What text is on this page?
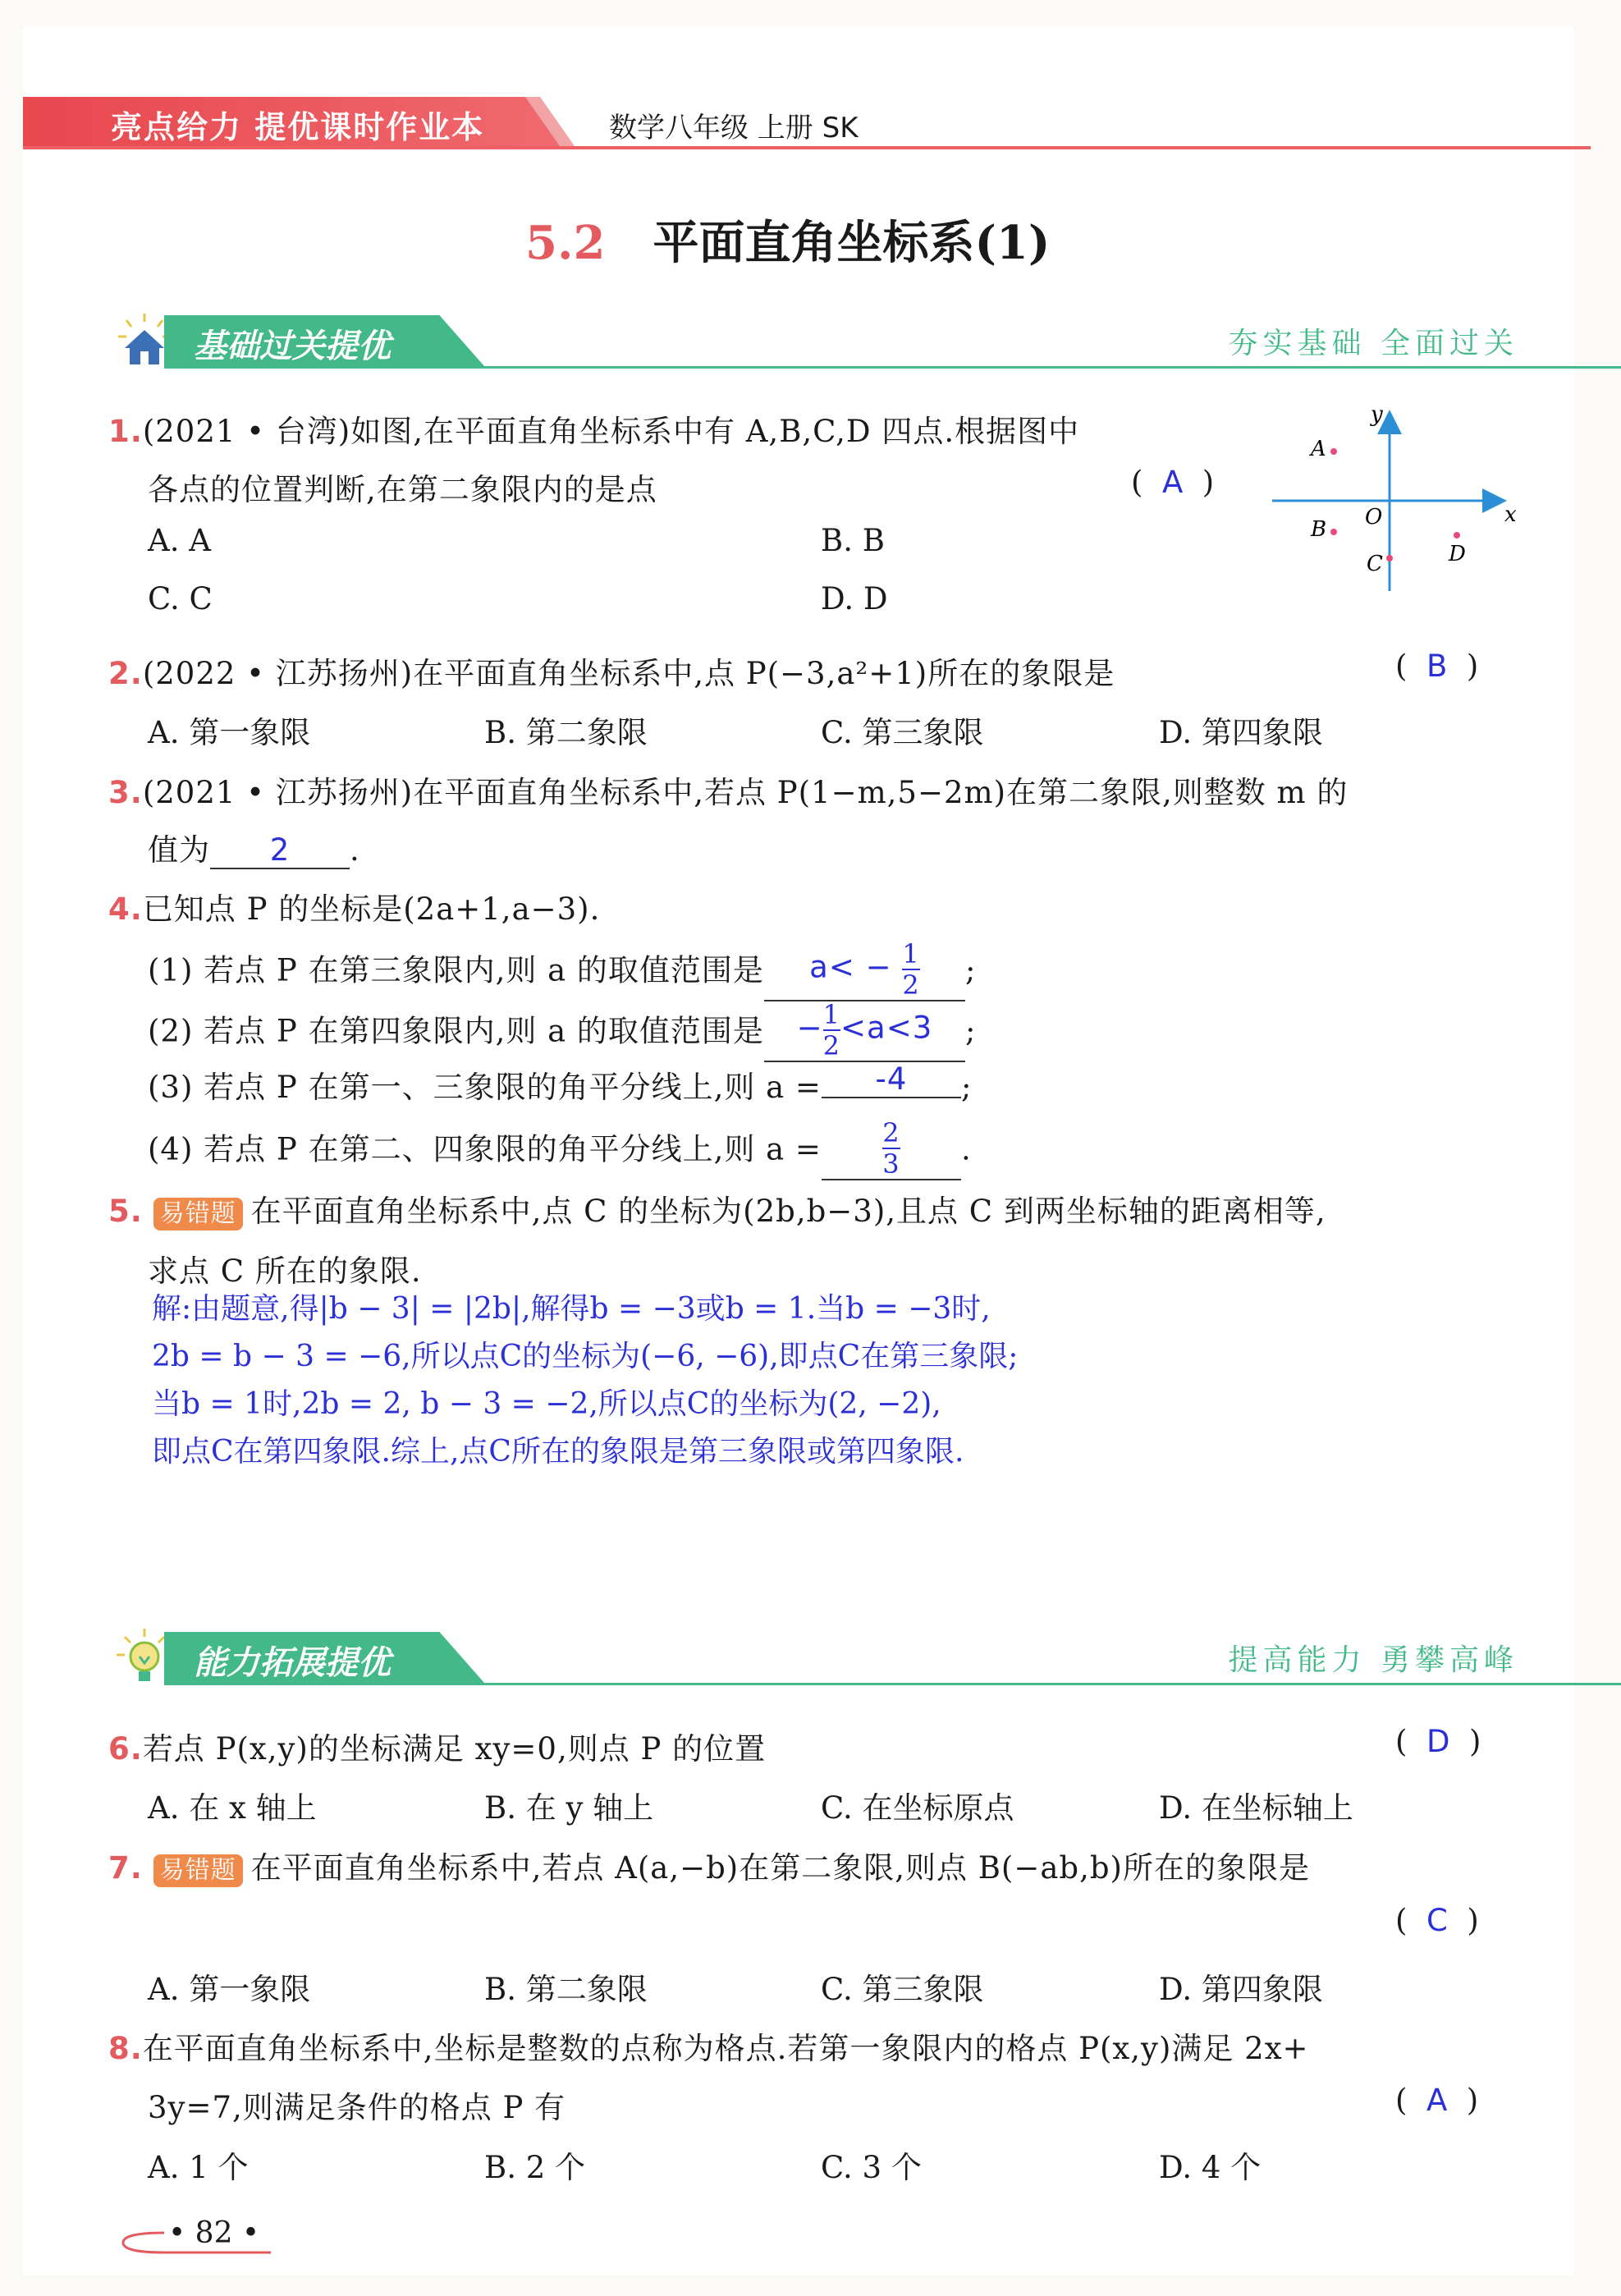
亮点给力 提优课时作业本	数学八年级 上册 SK
5.2 平面直角坐标系(1)
基础过关提优	夯实基础 全面过关
1.(2021 • 台湾)如图,在平面直角坐标系中有 A,B,C,D 四点.根据图中
各点的位置判断,在第二象限内的是点	(  A  )
A. A	B. B
C. C	D. D
x
y
O
A
B
C	D
2.(2022 • 江苏扬州)在平面直角坐标系中,点 P(−3,a²+1)所在的象限是	(  B  )
A. 第一象限	B. 第二象限	C. 第三象限	D. 第四象限
3.(2021 • 江苏扬州)在平面直角坐标系中,若点 P(1−m,5−2m)在第二象限,则整数 m 的
值为 2 .
4.已知点 P 的坐标是(2a+1,a−3).
(1) 若点 P 在第三象限内,则 a 的取值范围是 $a< - \frac{1}{2}$ ;
(2) 若点 P 在第四象限内,则 a 的取值范围是 − $\frac{1}{2} <a<3$ ;
(3) 若点 P 在第一、三象限的角平分线上,则 a = -4 ;
(4) 若点 P 在第二、四象限的角平分线上,则 $a = \frac{2}{3}$ .
5. 易错题 在平面直角坐标系中,点 C 的坐标为(2b,b−3),且点 C 到两坐标轴的距离相等,
求点 C 所在的象限.
解:由题意,得|b − 3| = |2b|,解得b = −3或b = 1.当b = −3时,
2b = b − 3 = −6,所以点C的坐标为(−6, −6),即点C在第三象限;
当b = 1时,2b = 2, b − 3 = −2,所以点C的坐标为(2, −2),
即点C在第四象限.综上,点C所在的象限是第三象限或第四象限.
能力拓展提优	提高能力 勇攀高峰
6.若点 P(x,y)的坐标满足 xy=0,则点 P 的位置	(  D  )
A. 在 x 轴上	B. 在 y 轴上	C. 在坐标原点	D. 在坐标轴上
7. 易错题 在平面直角坐标系中,若点 A(a,−b)在第二象限,则点 B(−ab,b)所在的象限是
(  C  )
A. 第一象限	B. 第二象限	C. 第三象限	D. 第四象限
8.在平面直角坐标系中,坐标是整数的点称为格点.若第一象限内的格点 P(x,y)满足 2x+
3y=7,则满足条件的格点 P 有	(  A  )
A. 1 个	B. 2 个	C. 3 个	D. 4 个
• 82 •
